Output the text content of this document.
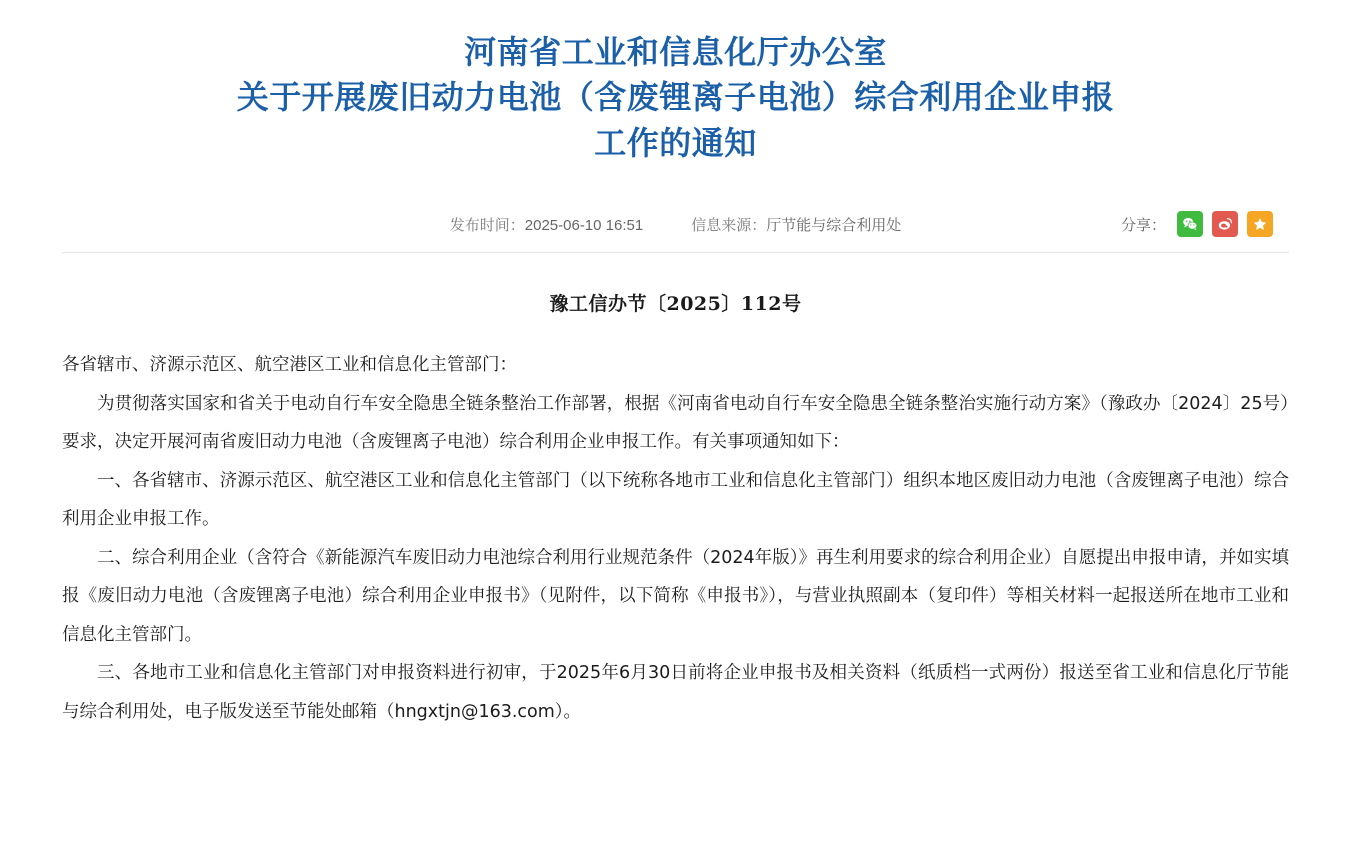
河南省工业和信息化厅办公室
关于开展废旧动力电池（含废锂离子电池）综合利用企业申报
工作的通知
发布时间：2025-06-10 16:51	信息来源：厅节能与综合利用处	分享：
豫工信办节〔2025〕112号

各省辖市、济源示范区、航空港区工业和信息化主管部门：

为贯彻落实国家和省关于电动自行车安全隐患全链条整治工作部署，根据《河南省电动自行车安全隐患全链条整治实施行动方案》（豫政办〔2024〕25号）要求，决定开展河南省废旧动力电池（含废锂离子电池）综合利用企业申报工作。有关事项通知如下：

一、各省辖市、济源示范区、航空港区工业和信息化主管部门（以下统称各地市工业和信息化主管部门）组织本地区废旧动力电池（含废锂离子电池）综合利用企业申报工作。

二、综合利用企业（含符合《新能源汽车废旧动力电池综合利用行业规范条件（2024年版）》再生利用要求的综合利用企业）自愿提出申报申请，并如实填报《废旧动力电池（含废锂离子电池）综合利用企业申报书》（见附件，以下简称《申报书》），与营业执照副本（复印件）等相关材料一起报送所在地市工业和信息化主管部门。

三、各地市工业和信息化主管部门对申报资料进行初审，于2025年6月30日前将企业申报书及相关资料（纸质档一式两份）报送至省工业和信息化厅节能与综合利用处，电子版发送至节能处邮箱（hngxtjn@163.com）。
